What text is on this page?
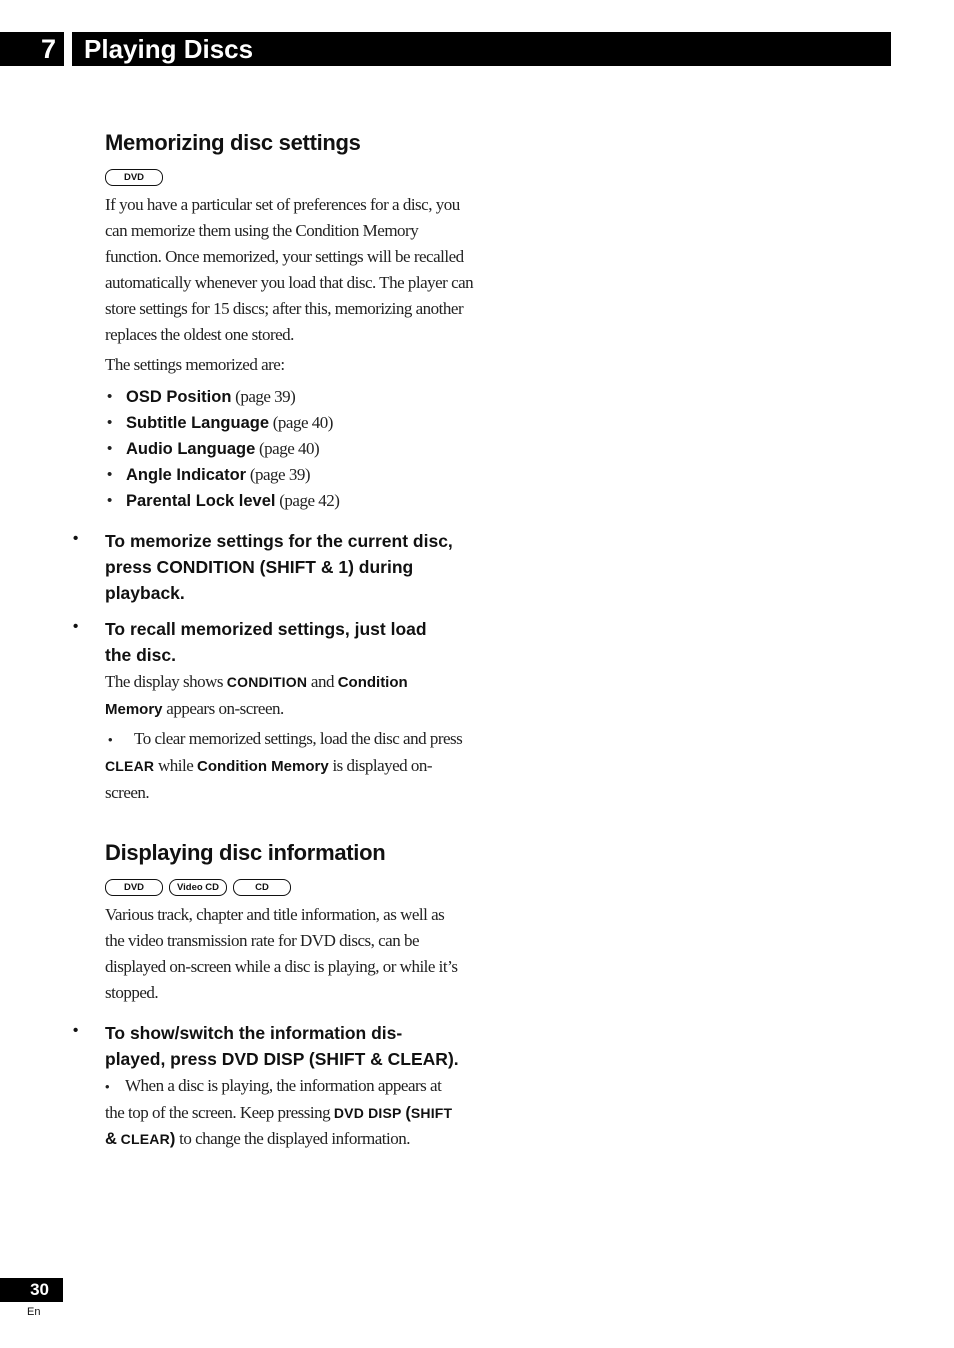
7	Playing Discs
Memorizing disc settings
DVD

If you have a particular set of preferences for a disc, you can memorize them using the Condition Memory function. Once memorized, your settings will be recalled automatically whenever you load that disc. The player can store settings for 15 discs; after this, memorizing another replaces the oldest one stored.

The settings memorized are:

• OSD Position (page 39)
• Subtitle Language (page 40)
• Audio Language (page 40)
• Angle Indicator (page 39)
• Parental Lock level (page 42)
• To memorize settings for the current disc,

press CONDITION (SHIFT & 1) during

playback.

• To recall memorized settings, just load

the disc.

The display shows CONDITION and Condition

Memory appears on-screen.

• To clear memorized settings, load the disc and press

CLEAR while Condition Memory is displayed on-

screen.

Displaying disc information
DVD	Video CD	CD

Various track, chapter and title information, as well as the video transmission rate for DVD discs, can be displayed on-screen while a disc is playing, or while it’s stopped.

• To show/switch the information dis-

played, press DVD DISP (SHIFT & CLEAR).

• When a disc is playing, the information appears at

the top of the screen. Keep pressing DVD DISP (SHIFT

& CLEAR) to change the displayed information.

30
En
